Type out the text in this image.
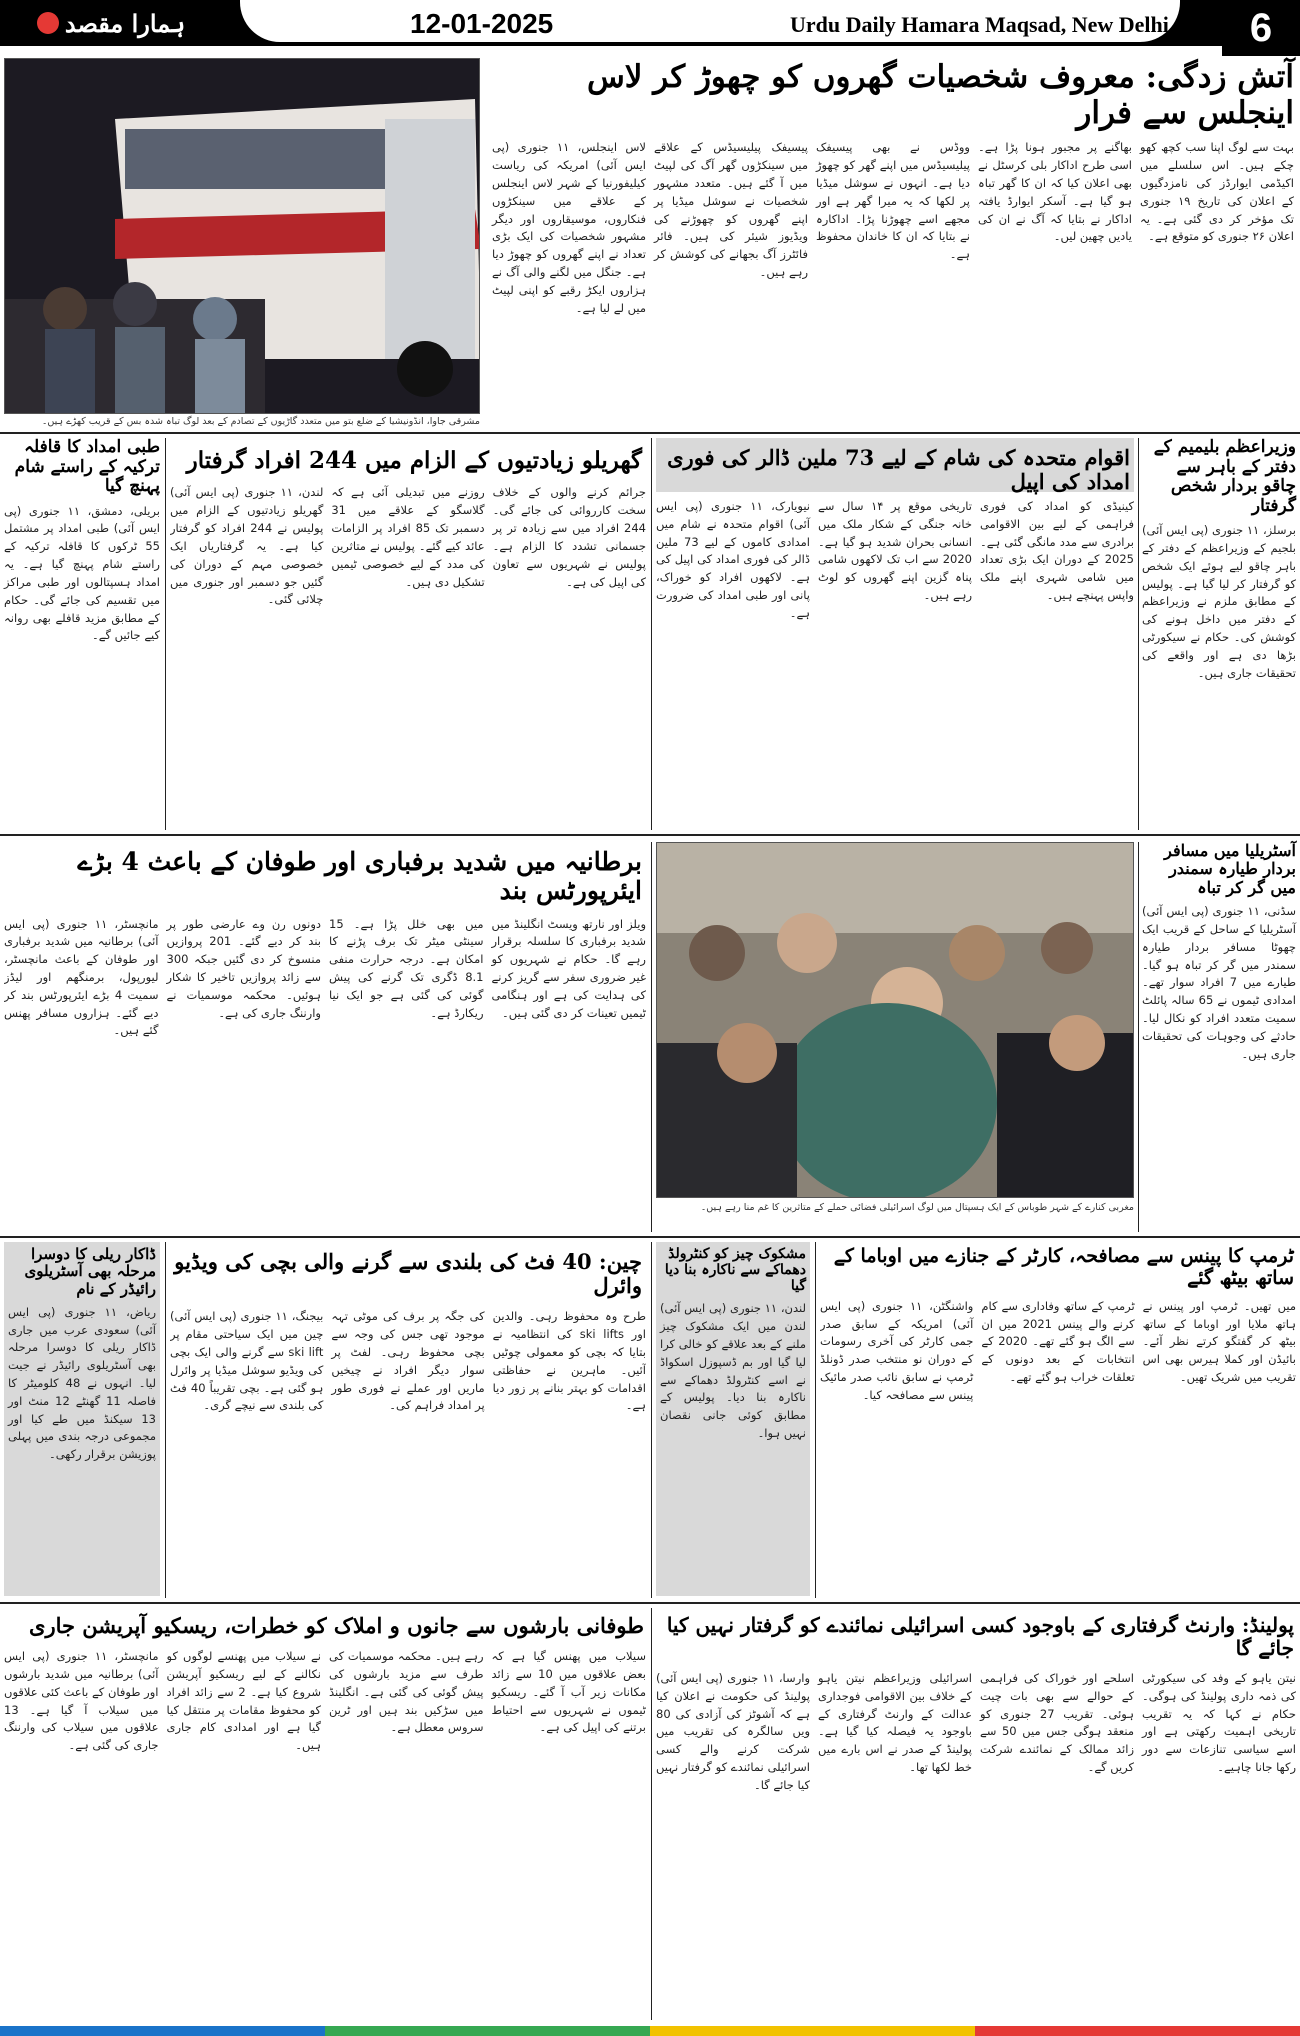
ہمارا مقصد	12-01-2025	Urdu Daily Hamara Maqsad, New Delhi 6
مشرقی جاوا، انڈونیشیا کے ضلع بتو میں متعدد گاڑیوں کے تصادم کے بعد لوگ تباہ شدہ بس کے قریب کھڑے ہیں۔
آتش زدگی: معروف شخصیات گھروں کو چھوڑ کر لاس اینجلس سے فرار
لاس اینجلس، ۱۱ جنوری (پی ایس آئی) امریکہ کی ریاست کیلیفورنیا کے شہر لاس اینجلس کے علاقے میں سینکڑوں فنکاروں، موسیقاروں اور دیگر مشہور شخصیات کی ایک بڑی تعداد نے اپنے گھروں کو چھوڑ دیا ہے۔ جنگل میں لگنے والی آگ نے ہزاروں ایکڑ رقبے کو اپنی لپیٹ میں لے لیا ہے۔
پیسیفک پیلیسیڈس کے علاقے میں سینکڑوں گھر آگ کی لپیٹ میں آ گئے ہیں۔ متعدد مشہور شخصیات نے سوشل میڈیا پر اپنے گھروں کو چھوڑنے کی ویڈیوز شیئر کی ہیں۔ فائر فائٹرز آگ بجھانے کی کوشش کر رہے ہیں۔
ووڈس نے بھی پیسیفک پیلیسیڈس میں اپنے گھر کو چھوڑ دیا ہے۔ انہوں نے سوشل میڈیا پر لکھا کہ یہ میرا گھر ہے اور مجھے اسے چھوڑنا پڑا۔ اداکارہ نے بتایا کہ ان کا خاندان محفوظ ہے۔
بھاگنے پر مجبور ہونا پڑا ہے۔ اسی طرح اداکار بلی کرسٹل نے بھی اعلان کیا کہ ان کا گھر تباہ ہو گیا ہے۔ آسکر ایوارڈ یافتہ اداکار نے بتایا کہ آگ نے ان کی یادیں چھین لیں۔
بہت سے لوگ اپنا سب کچھ کھو چکے ہیں۔ اس سلسلے میں اکیڈمی ایوارڈز کی نامزدگیوں کے اعلان کی تاریخ ۱۹ جنوری تک مؤخر کر دی گئی ہے۔ یہ اعلان ۲۶ جنوری کو متوقع ہے۔
وزیراعظم بلیمیم کے دفتر کے باہر سے چاقو بردار شخص گرفتار
برسلز، ۱۱ جنوری (پی ایس آئی) بلجیم کے وزیراعظم کے دفتر کے باہر چاقو لیے ہوئے ایک شخص کو گرفتار کر لیا گیا ہے۔ پولیس کے مطابق ملزم نے وزیراعظم کے دفتر میں داخل ہونے کی کوشش کی۔ حکام نے سیکورٹی بڑھا دی ہے اور واقعے کی تحقیقات جاری ہیں۔
اقوام متحدہ کی شام کے لیے 73 ملین ڈالر کی فوری امداد کی اپیل
نیویارک، ۱۱ جنوری (پی ایس آئی) اقوام متحدہ نے شام میں امدادی کاموں کے لیے 73 ملین ڈالر کی فوری امداد کی اپیل کی ہے۔ لاکھوں افراد کو خوراک، پانی اور طبی امداد کی ضرورت ہے۔
تاریخی موقع پر ۱۴ سال سے خانہ جنگی کے شکار ملک میں انسانی بحران شدید ہو گیا ہے۔ 2020 سے اب تک لاکھوں شامی پناہ گزین اپنے گھروں کو لوٹ رہے ہیں۔
کینیڈی کو امداد کی فوری فراہمی کے لیے بین الاقوامی برادری سے مدد مانگی گئی ہے۔ 2025 کے دوران ایک بڑی تعداد میں شامی شہری اپنے ملک واپس پہنچے ہیں۔
گھریلو زیادتیوں کے الزام میں 244 افراد گرفتار
لندن، ۱۱ جنوری (پی ایس آئی) گھریلو زیادتیوں کے الزام میں پولیس نے 244 افراد کو گرفتار کیا ہے۔ یہ گرفتاریاں ایک خصوصی مہم کے دوران کی گئیں جو دسمبر اور جنوری میں چلائی گئی۔
روزنے میں تبدیلی آئی ہے کہ گلاسگو کے علاقے میں 31 دسمبر تک 85 افراد پر الزامات عائد کیے گئے۔ پولیس نے متاثرین کی مدد کے لیے خصوصی ٹیمیں تشکیل دی ہیں۔
جرائم کرنے والوں کے خلاف سخت کارروائی کی جائے گی۔ 244 افراد میں سے زیادہ تر پر جسمانی تشدد کا الزام ہے۔ پولیس نے شہریوں سے تعاون کی اپیل کی ہے۔
طبی امداد کا قافلہ ترکیہ کے راستے شام پہنچ گیا
بریلی، دمشق، ۱۱ جنوری (پی ایس آئی) طبی امداد پر مشتمل 55 ٹرکوں کا قافلہ ترکیہ کے راستے شام پہنچ گیا ہے۔ یہ امداد ہسپتالوں اور طبی مراکز میں تقسیم کی جائے گی۔ حکام کے مطابق مزید قافلے بھی روانہ کیے جائیں گے۔
آسٹریلیا میں مسافر بردار طیارہ سمندر میں گر کر تباہ
سڈنی، ۱۱ جنوری (پی ایس آئی) آسٹریلیا کے ساحل کے قریب ایک چھوٹا مسافر بردار طیارہ سمندر میں گر کر تباہ ہو گیا۔ طیارے میں 7 افراد سوار تھے۔ امدادی ٹیموں نے 65 سالہ پائلٹ سمیت متعدد افراد کو نکال لیا۔ حادثے کی وجوہات کی تحقیقات جاری ہیں۔
مغربی کنارے کے شہر طوباس کے ایک ہسپتال میں لوگ اسرائیلی فضائی حملے کے متاثرین کا غم منا رہے ہیں۔
برطانیہ میں شدید برفباری اور طوفان کے باعث 4 بڑے ایئرپورٹس بند
مانچسٹر، ۱۱ جنوری (پی ایس آئی) برطانیہ میں شدید برفباری اور طوفان کے باعث مانچسٹر، لیورپول، برمنگھم اور لیڈز سمیت 4 بڑے ایئرپورٹس بند کر دیے گئے۔ ہزاروں مسافر پھنس گئے ہیں۔
دونوں رن وے عارضی طور پر بند کر دیے گئے۔ 201 پروازیں منسوخ کر دی گئیں جبکہ 300 سے زائد پروازیں تاخیر کا شکار ہوئیں۔ محکمہ موسمیات نے وارننگ جاری کی ہے۔
میں بھی خلل پڑا ہے۔ 15 سینٹی میٹر تک برف پڑنے کا امکان ہے۔ درجہ حرارت منفی 8.1 ڈگری تک گرنے کی پیش گوئی کی گئی ہے جو ایک نیا ریکارڈ ہے۔
ویلز اور نارتھ ویسٹ انگلینڈ میں شدید برفباری کا سلسلہ برقرار رہے گا۔ حکام نے شہریوں کو غیر ضروری سفر سے گریز کرنے کی ہدایت کی ہے اور ہنگامی ٹیمیں تعینات کر دی گئی ہیں۔
ٹرمپ کا پینس سے مصافحہ، کارٹر کے جنازے میں اوباما کے ساتھ بیٹھ گئے
واشنگٹن، ۱۱ جنوری (پی ایس آئی) امریکہ کے سابق صدر جمی کارٹر کی آخری رسومات کے دوران نو منتخب صدر ڈونلڈ ٹرمپ نے سابق نائب صدر مائیک پینس سے مصافحہ کیا۔
ٹرمپ کے ساتھ وفاداری سے کام کرنے والے پینس 2021 میں ان سے الگ ہو گئے تھے۔ 2020 کے انتخابات کے بعد دونوں کے تعلقات خراب ہو گئے تھے۔
میں تھیں۔ ٹرمپ اور پینس نے ہاتھ ملایا اور اوباما کے ساتھ بیٹھ کر گفتگو کرتے نظر آئے۔ بائیڈن اور کملا ہیرس بھی اس تقریب میں شریک تھیں۔
مشکوک چیز کو کنٹرولڈ دھماکے سے ناکارہ بنا دیا گیا
لندن، ۱۱ جنوری (پی ایس آئی) لندن میں ایک مشکوک چیز ملنے کے بعد علاقے کو خالی کرا لیا گیا اور بم ڈسپوزل اسکواڈ نے اسے کنٹرولڈ دھماکے سے ناکارہ بنا دیا۔ پولیس کے مطابق کوئی جانی نقصان نہیں ہوا۔
چین: 40 فٹ کی بلندی سے گرنے والی بچی کی ویڈیو وائرل
بیجنگ، ۱۱ جنوری (پی ایس آئی) چین میں ایک سیاحتی مقام پر ski lift سے گرنے والی ایک بچی کی ویڈیو سوشل میڈیا پر وائرل ہو گئی ہے۔ بچی تقریباً 40 فٹ کی بلندی سے نیچے گری۔
کی جگہ پر برف کی موٹی تہہ موجود تھی جس کی وجہ سے بچی محفوظ رہی۔ لفٹ پر سوار دیگر افراد نے چیخیں ماریں اور عملے نے فوری طور پر امداد فراہم کی۔
طرح وہ محفوظ رہی۔ والدین اور ski lifts کی انتظامیہ نے بتایا کہ بچی کو معمولی چوٹیں آئیں۔ ماہرین نے حفاظتی اقدامات کو بہتر بنانے پر زور دیا ہے۔
ڈاکار ریلی کا دوسرا مرحلہ بھی آسٹریلوی رائیڈر کے نام
ریاض، ۱۱ جنوری (پی ایس آئی) سعودی عرب میں جاری ڈاکار ریلی کا دوسرا مرحلہ بھی آسٹریلوی رائیڈر نے جیت لیا۔ انہوں نے 48 کلومیٹر کا فاصلہ 11 گھنٹے 12 منٹ اور 13 سیکنڈ میں طے کیا اور مجموعی درجہ بندی میں پہلی پوزیشن برقرار رکھی۔
پولینڈ: وارنٹ گرفتاری کے باوجود کسی اسرائیلی نمائندے کو گرفتار نہیں کیا جائے گا
وارسا، ۱۱ جنوری (پی ایس آئی) پولینڈ کی حکومت نے اعلان کیا ہے کہ آشوٹز کی آزادی کی 80 ویں سالگرہ کی تقریب میں شرکت کرنے والے کسی اسرائیلی نمائندے کو گرفتار نہیں کیا جائے گا۔
اسرائیلی وزیراعظم نیتن یاہو کے خلاف بین الاقوامی فوجداری عدالت کے وارنٹ گرفتاری کے باوجود یہ فیصلہ کیا گیا ہے۔ پولینڈ کے صدر نے اس بارے میں خط لکھا تھا۔
اسلحے اور خوراک کی فراہمی کے حوالے سے بھی بات چیت ہوئی۔ تقریب 27 جنوری کو منعقد ہوگی جس میں 50 سے زائد ممالک کے نمائندے شرکت کریں گے۔
نیتن یاہو کے وفد کی سیکورٹی کی ذمہ داری پولینڈ کی ہوگی۔ حکام نے کہا کہ یہ تقریب تاریخی اہمیت رکھتی ہے اور اسے سیاسی تنازعات سے دور رکھا جانا چاہیے۔
طوفانی بارشوں سے جانوں و املاک کو خطرات، ریسکیو آپریشن جاری
مانچسٹر، ۱۱ جنوری (پی ایس آئی) برطانیہ میں شدید بارشوں اور طوفان کے باعث کئی علاقوں میں سیلاب آ گیا ہے۔ 13 علاقوں میں سیلاب کی وارننگ جاری کی گئی ہے۔
نے سیلاب میں پھنسے لوگوں کو نکالنے کے لیے ریسکیو آپریشن شروع کیا ہے۔ 2 سے زائد افراد کو محفوظ مقامات پر منتقل کیا گیا ہے اور امدادی کام جاری ہیں۔
رہے ہیں۔ محکمہ موسمیات کی طرف سے مزید بارشوں کی پیش گوئی کی گئی ہے۔ انگلینڈ میں سڑکیں بند ہیں اور ٹرین سروس معطل ہے۔
سیلاب میں پھنس گیا ہے کہ بعض علاقوں میں 10 سے زائد مکانات زیر آب آ گئے۔ ریسکیو ٹیموں نے شہریوں سے احتیاط برتنے کی اپیل کی ہے۔
